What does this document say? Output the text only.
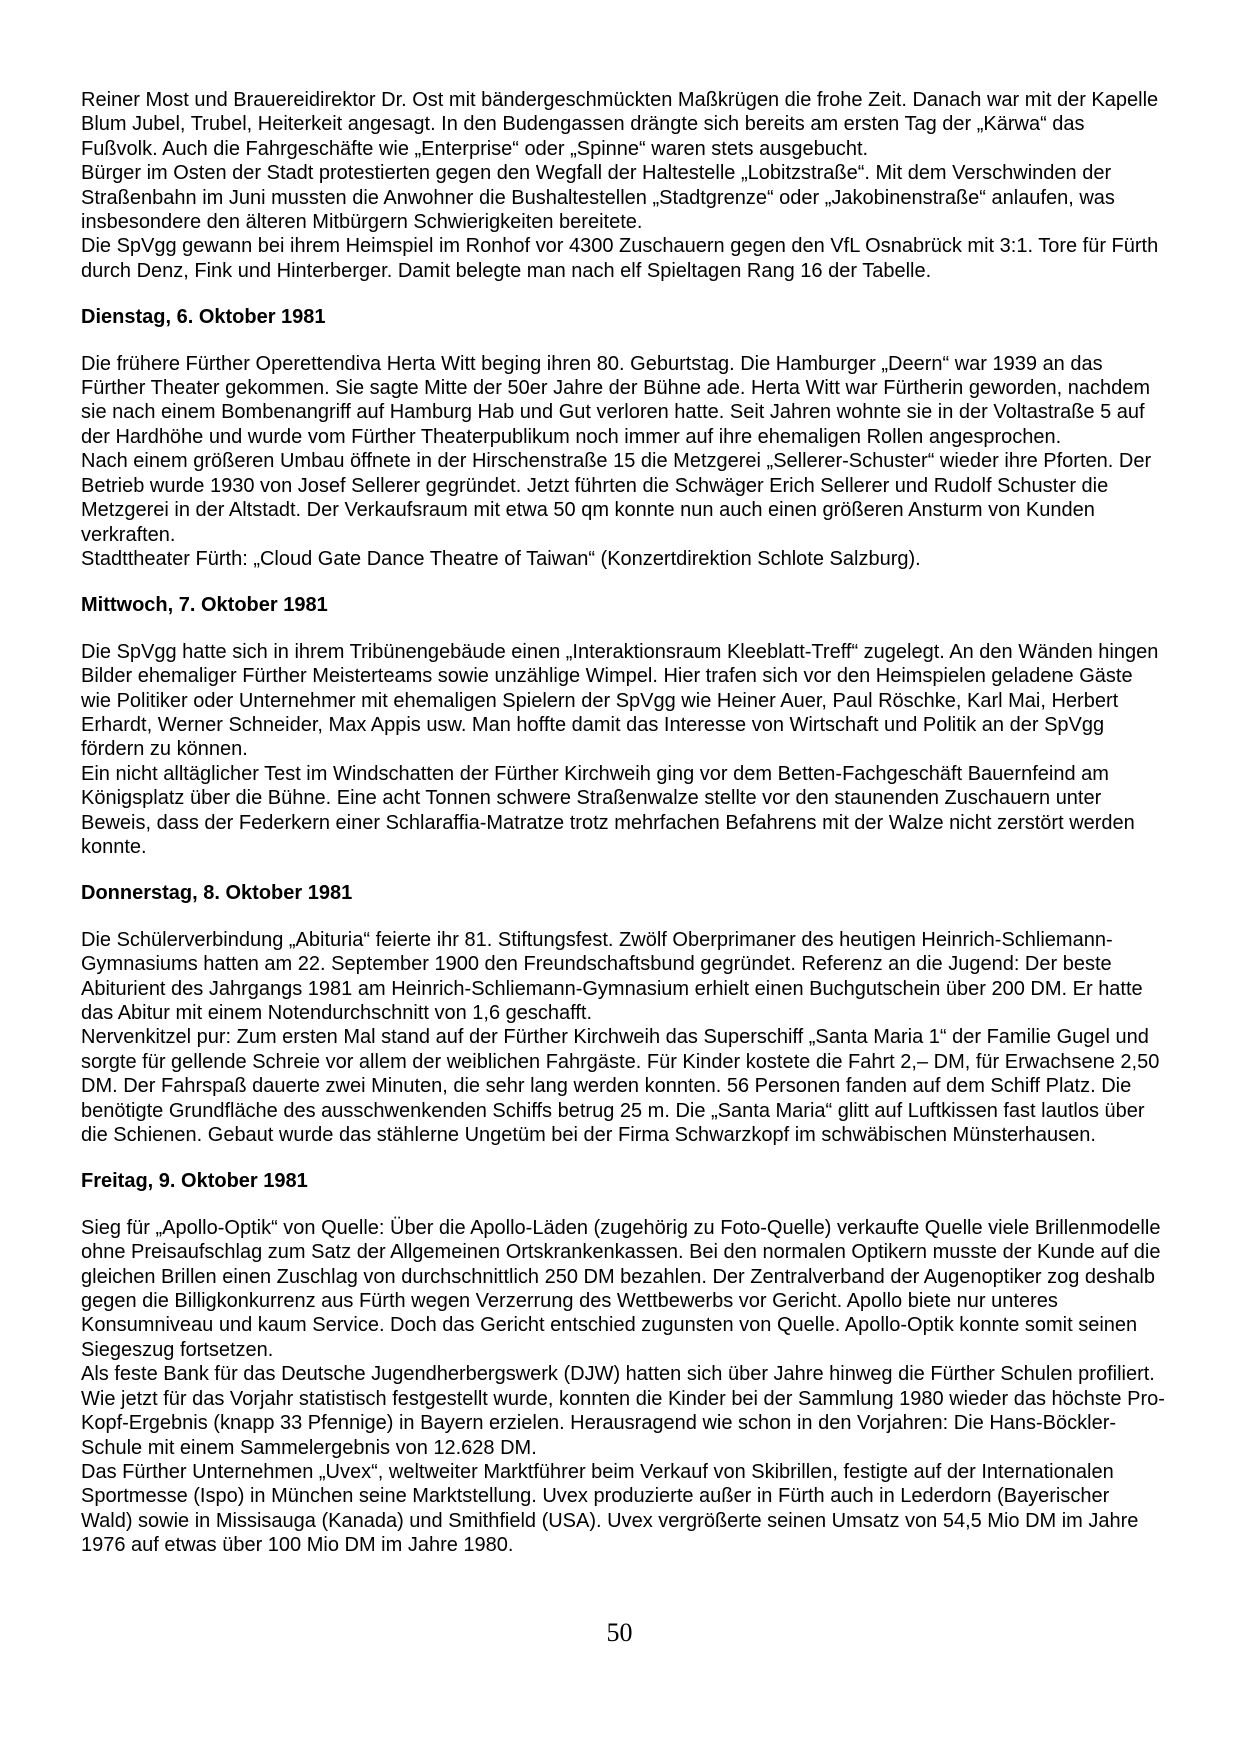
Reiner Most und Brauereidirektor Dr. Ost mit bändergeschmückten Maßkrügen die frohe Zeit. Danach war mit der Kapelle Blum Jubel, Trubel, Heiterkeit angesagt. In den Budengassen drängte sich bereits am ersten Tag der „Kärwa“ das Fußvolk. Auch die Fahrgeschäfte wie „Enterprise“ oder „Spinne“ waren stets ausgebucht.

Bürger im Osten der Stadt protestierten gegen den Wegfall der Haltestelle „Lobitzstraße“. Mit dem Verschwinden der Straßenbahn im Juni mussten die Anwohner die Bushaltestellen „Stadtgrenze“ oder „Jakobinenstraße“ anlaufen, was insbesondere den älteren Mitbürgern Schwierigkeiten bereitete.

Die SpVgg gewann bei ihrem Heimspiel im Ronhof vor 4300 Zuschauern gegen den VfL Osnabrück mit 3:1. Tore für Fürth durch Denz, Fink und Hinterberger. Damit belegte man nach elf Spieltagen Rang 16 der Tabelle.

Dienstag, 6. Oktober 1981

Die frühere Fürther Operettendiva Herta Witt beging ihren 80. Geburtstag. Die Hamburger „Deern“ war 1939 an das Fürther Theater gekommen. Sie sagte Mitte der 50er Jahre der Bühne ade. Herta Witt war Fürtherin geworden, nachdem sie nach einem Bombenangriff auf Hamburg Hab und Gut verloren hatte. Seit Jahren wohnte sie in der Voltastraße 5 auf der Hardhöhe und wurde vom Fürther Theaterpublikum noch immer auf ihre ehemaligen Rollen angesprochen.

Nach einem größeren Umbau öffnete in der Hirschenstraße 15 die Metzgerei „Sellerer-Schuster“ wieder ihre Pforten. Der Betrieb wurde 1930 von Josef Sellerer gegründet. Jetzt führten die Schwäger Erich Sellerer und Rudolf Schuster die Metzgerei in der Altstadt. Der Verkaufsraum mit etwa 50 qm konnte nun auch einen größeren Ansturm von Kunden verkraften.

Stadttheater Fürth: „Cloud Gate Dance Theatre of Taiwan“ (Konzertdirektion Schlote Salzburg).

Mittwoch, 7. Oktober 1981

Die SpVgg hatte sich in ihrem Tribünengebäude einen „Interaktionsraum Kleeblatt-Treff“ zugelegt. An den Wänden hingen Bilder ehemaliger Fürther Meisterteams sowie unzählige Wimpel. Hier trafen sich vor den Heimspielen geladene Gäste wie Politiker oder Unternehmer mit ehemaligen Spielern der SpVgg wie Heiner Auer, Paul Röschke, Karl Mai, Herbert Erhardt, Werner Schneider, Max Appis usw. Man hoffte damit das Interesse von Wirtschaft und Politik an der SpVgg fördern zu können.

Ein nicht alltäglicher Test im Windschatten der Fürther Kirchweih ging vor dem Betten-Fachgeschäft Bauernfeind am Königsplatz über die Bühne. Eine acht Tonnen schwere Straßenwalze stellte vor den staunenden Zuschauern unter Beweis, dass der Federkern einer Schlaraffia-Matratze trotz mehrfachen Befahrens mit der Walze nicht zerstört werden konnte.

Donnerstag, 8. Oktober 1981

Die Schülerverbindung „Abituria“ feierte ihr 81. Stiftungsfest. Zwölf Oberprimaner des heutigen Heinrich-Schliemann-Gymnasiums hatten am 22. September 1900 den Freundschaftsbund gegründet. Referenz an die Jugend: Der beste Abiturient des Jahrgangs 1981 am Heinrich-Schliemann-Gymnasium erhielt einen Buchgutschein über 200 DM. Er hatte das Abitur mit einem Notendurchschnitt von 1,6 geschafft.

Nervenkitzel pur: Zum ersten Mal stand auf der Fürther Kirchweih das Superschiff „Santa Maria 1“ der Familie Gugel und sorgte für gellende Schreie vor allem der weiblichen Fahrgäste. Für Kinder kostete die Fahrt 2,– DM, für Erwachsene 2,50 DM. Der Fahrspaß dauerte zwei Minuten, die sehr lang werden konnten. 56 Personen fanden auf dem Schiff Platz. Die benötigte Grundfläche des ausschwenkenden Schiffs betrug 25 m. Die „Santa Maria“ glitt auf Luftkissen fast lautlos über die Schienen. Gebaut wurde das stählerne Ungetüm bei der Firma Schwarzkopf im schwäbischen Münsterhausen.

Freitag, 9. Oktober 1981

Sieg für „Apollo-Optik“ von Quelle: Über die Apollo-Läden (zugehörig zu Foto-Quelle) verkaufte Quelle viele Brillenmodelle ohne Preisaufschlag zum Satz der Allgemeinen Ortskrankenkassen. Bei den normalen Optikern musste der Kunde auf die gleichen Brillen einen Zuschlag von durchschnittlich 250 DM bezahlen. Der Zentralverband der Augenoptiker zog deshalb gegen die Billigkonkurrenz aus Fürth wegen Verzerrung des Wettbewerbs vor Gericht. Apollo biete nur unteres Konsumniveau und kaum Service. Doch das Gericht entschied zugunsten von Quelle. Apollo-Optik konnte somit seinen Siegeszug fortsetzen.

Als feste Bank für das Deutsche Jugendherbergswerk (DJW) hatten sich über Jahre hinweg die Fürther Schulen profiliert. Wie jetzt für das Vorjahr statistisch festgestellt wurde, konnten die Kinder bei der Sammlung 1980 wieder das höchste Pro-Kopf-Ergebnis (knapp 33 Pfennige) in Bayern erzielen. Herausragend wie schon in den Vorjahren: Die Hans-Böckler-Schule mit einem Sammelergebnis von 12.628 DM.

Das Fürther Unternehmen „Uvex“, weltweiter Marktführer beim Verkauf von Skibrillen, festigte auf der Internationalen Sportmesse (Ispo) in München seine Marktstellung. Uvex produzierte außer in Fürth auch in Lederdorn (Bayerischer Wald) sowie in Missisauga (Kanada) und Smithfield (USA). Uvex vergrößerte seinen Umsatz von 54,5 Mio DM im Jahre 1976 auf etwas über 100 Mio DM im Jahre 1980.

50
